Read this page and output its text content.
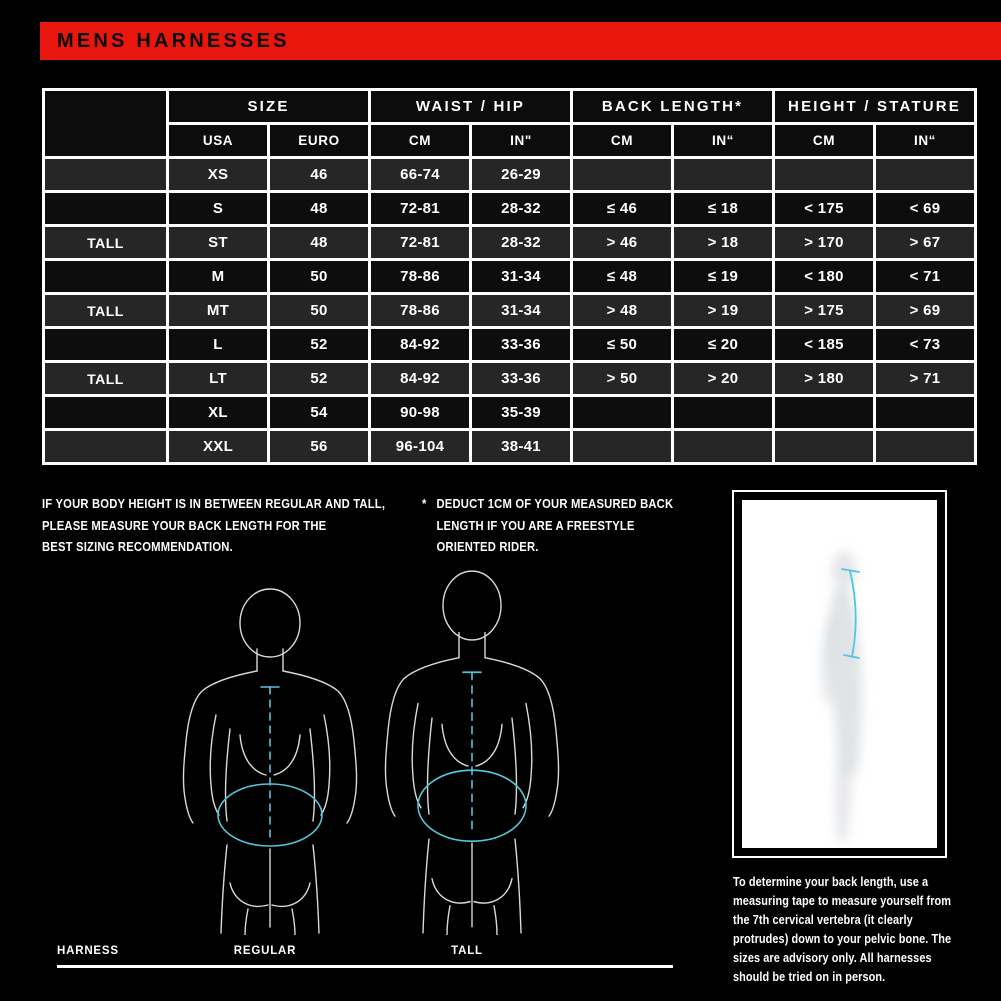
MENS HARNESSES
	SIZE		WAIST / HIP		BACK LENGTH*		HEIGHT / STATURE	
	USA	EURO	CM	IN"	CM	IN“	CM	IN“
	XS	46	66-74	26-29				
	S	48	72-81	28-32	≤ 46	≤ 18	< 175	< 69
TALL	ST	48	72-81	28-32	> 46	> 18	> 170	> 67
	M	50	78-86	31-34	≤ 48	≤ 19	< 180	< 71
TALL	MT	50	78-86	31-34	> 48	> 19	> 175	> 69
	L	52	84-92	33-36	≤ 50	≤ 20	< 185	< 73
TALL	LT	52	84-92	33-36	> 50	> 20	> 180	> 71
	XL	54	90-98	35-39				
	XXL	56	96-104	38-41				
IF YOUR BODY HEIGHT IS IN BETWEEN REGULAR AND TALL,
PLEASE MEASURE YOUR BACK LENGTH FOR THE
BEST SIZING RECOMMENDATION.
* DEDUCT 1CM OF YOUR MEASURED BACK
LENGTH IF YOU ARE A FREESTYLE
ORIENTED RIDER.
HARNESS	REGULAR	TALL
To determine your back length, use a
measuring tape to measure yourself from
the 7th cervical vertebra (it clearly
protrudes) down to your pelvic bone. The
sizes are advisory only. All harnesses
should be tried on in person.
